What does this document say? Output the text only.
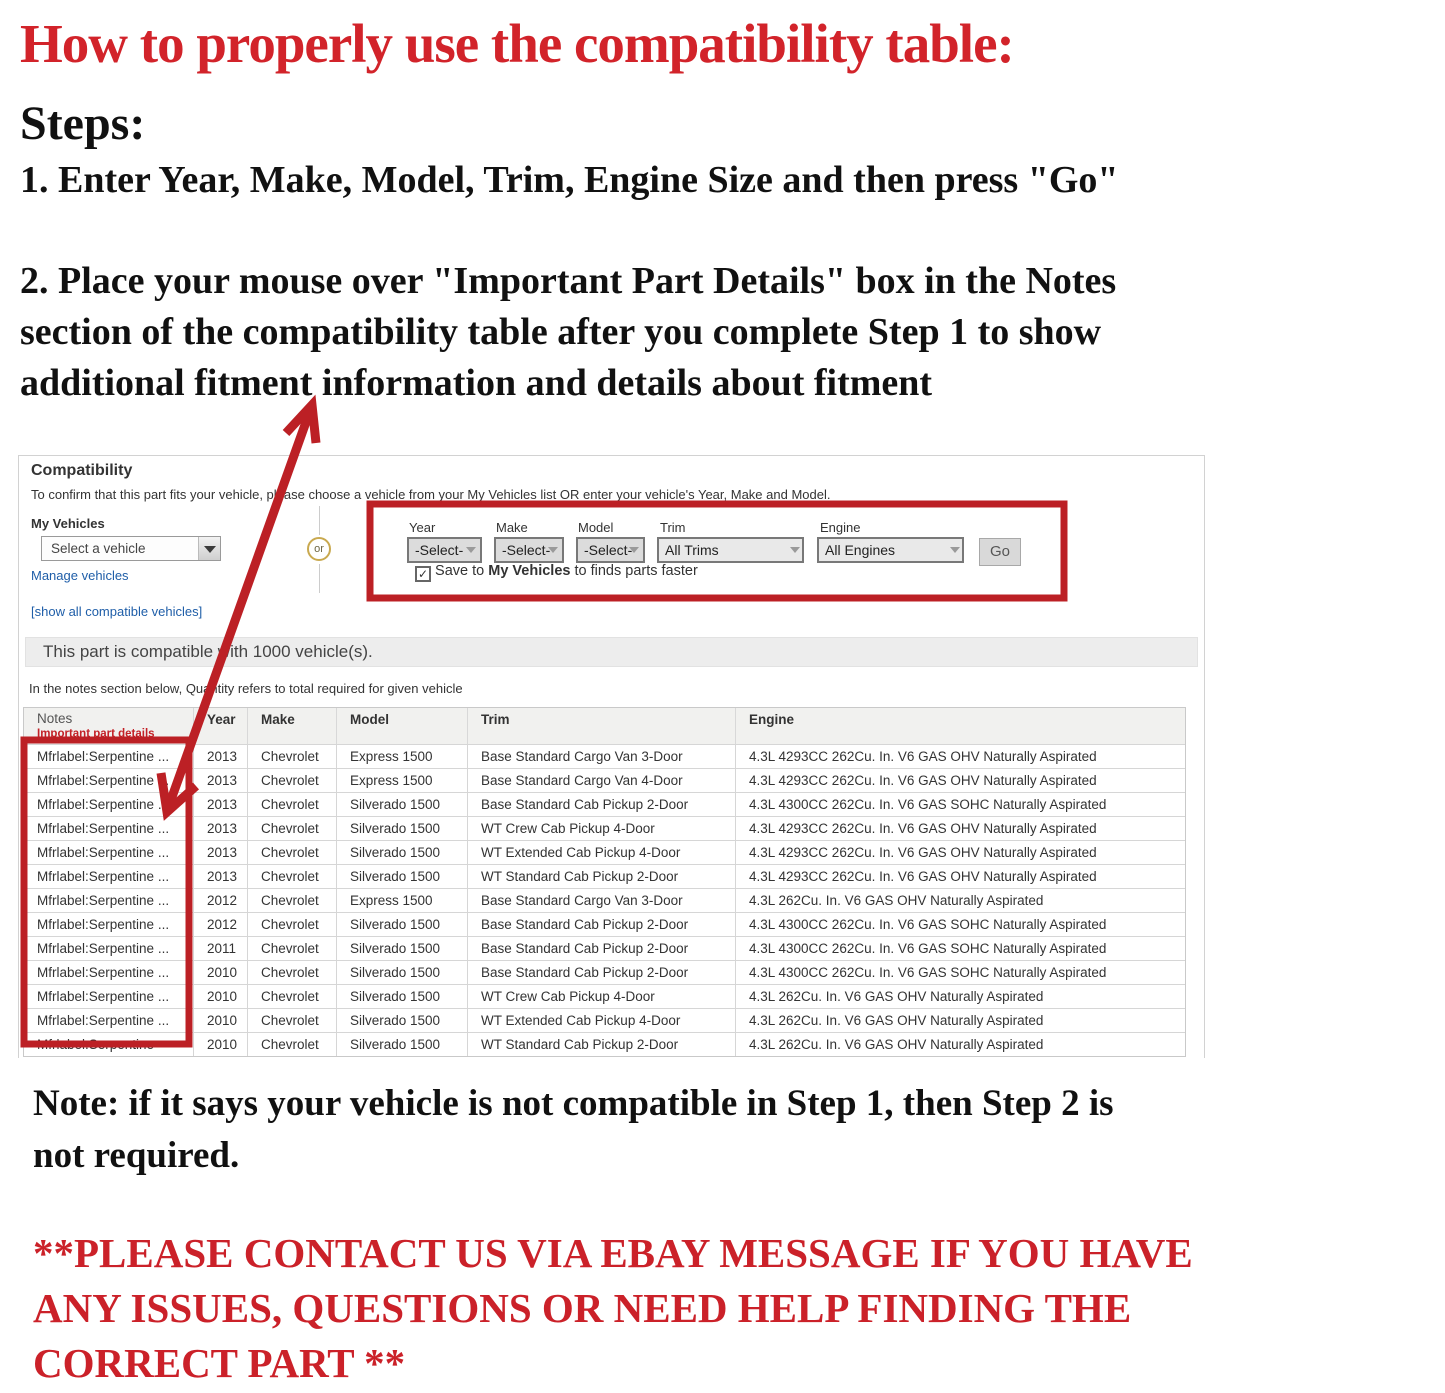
How to properly use the compatibility table:
Steps:
1. Enter Year, Make, Model, Trim, Engine Size and then press "Go"
2. Place your mouse over "Important Part Details" box in the Notes
section of the compatibility table after you complete Step 1 to show
additional fitment information and details about fitment
Compatibility
To confirm that this part fits your vehicle, please choose a vehicle from your My Vehicles list OR enter your vehicle's Year, Make and Model.
My Vehicles
Select a vehicle
Manage vehicles
[show all compatible vehicles]
or
Year
-Select-
Make
-Select-
Model
-Select-
Trim
All Trims
Engine
All Engines	Go
✓ Save to My Vehicles to finds parts faster
This part is compatible with 1000 vehicle(s).
In the notes section below, Quantity refers to total required for given vehicle
Notes
Important part details
Year	Make	Model	Trim	Engine
Mfrlabel:Serpentine ...	2013	Chevrolet	Express 1500	Base Standard Cargo Van 3-Door	4.3L 4293CC 262Cu. In. V6 GAS OHV Naturally Aspirated
Mfrlabel:Serpentine ...	2013	Chevrolet	Express 1500	Base Standard Cargo Van 4-Door	4.3L 4293CC 262Cu. In. V6 GAS OHV Naturally Aspirated
Mfrlabel:Serpentine ...	2013	Chevrolet	Silverado 1500	Base Standard Cab Pickup 2-Door	4.3L 4300CC 262Cu. In. V6 GAS SOHC Naturally Aspirated
Mfrlabel:Serpentine ...	2013	Chevrolet	Silverado 1500	WT Crew Cab Pickup 4-Door	4.3L 4293CC 262Cu. In. V6 GAS OHV Naturally Aspirated
Mfrlabel:Serpentine ...	2013	Chevrolet	Silverado 1500	WT Extended Cab Pickup 4-Door	4.3L 4293CC 262Cu. In. V6 GAS OHV Naturally Aspirated
Mfrlabel:Serpentine ...	2013	Chevrolet	Silverado 1500	WT Standard Cab Pickup 2-Door	4.3L 4293CC 262Cu. In. V6 GAS OHV Naturally Aspirated
Mfrlabel:Serpentine ...	2012	Chevrolet	Express 1500	Base Standard Cargo Van 3-Door	4.3L 262Cu. In. V6 GAS OHV Naturally Aspirated
Mfrlabel:Serpentine ...	2012	Chevrolet	Silverado 1500	Base Standard Cab Pickup 2-Door	4.3L 4300CC 262Cu. In. V6 GAS SOHC Naturally Aspirated
Mfrlabel:Serpentine ...	2011	Chevrolet	Silverado 1500	Base Standard Cab Pickup 2-Door	4.3L 4300CC 262Cu. In. V6 GAS SOHC Naturally Aspirated
Mfrlabel:Serpentine ...	2010	Chevrolet	Silverado 1500	Base Standard Cab Pickup 2-Door	4.3L 4300CC 262Cu. In. V6 GAS SOHC Naturally Aspirated
Mfrlabel:Serpentine ...	2010	Chevrolet	Silverado 1500	WT Crew Cab Pickup 4-Door	4.3L 262Cu. In. V6 GAS OHV Naturally Aspirated
Mfrlabel:Serpentine ...	2010	Chevrolet	Silverado 1500	WT Extended Cab Pickup 4-Door	4.3L 262Cu. In. V6 GAS OHV Naturally Aspirated
Mfrlabel:Serpentine	2010	Chevrolet	Silverado 1500	WT Standard Cab Pickup 2-Door	4.3L 262Cu. In. V6 GAS OHV Naturally Aspirated
Note: if it says your vehicle is not compatible in Step 1, then Step 2 is
not required.
**PLEASE CONTACT US VIA EBAY MESSAGE IF YOU HAVE
ANY ISSUES, QUESTIONS OR NEED HELP FINDING THE
CORRECT PART **
